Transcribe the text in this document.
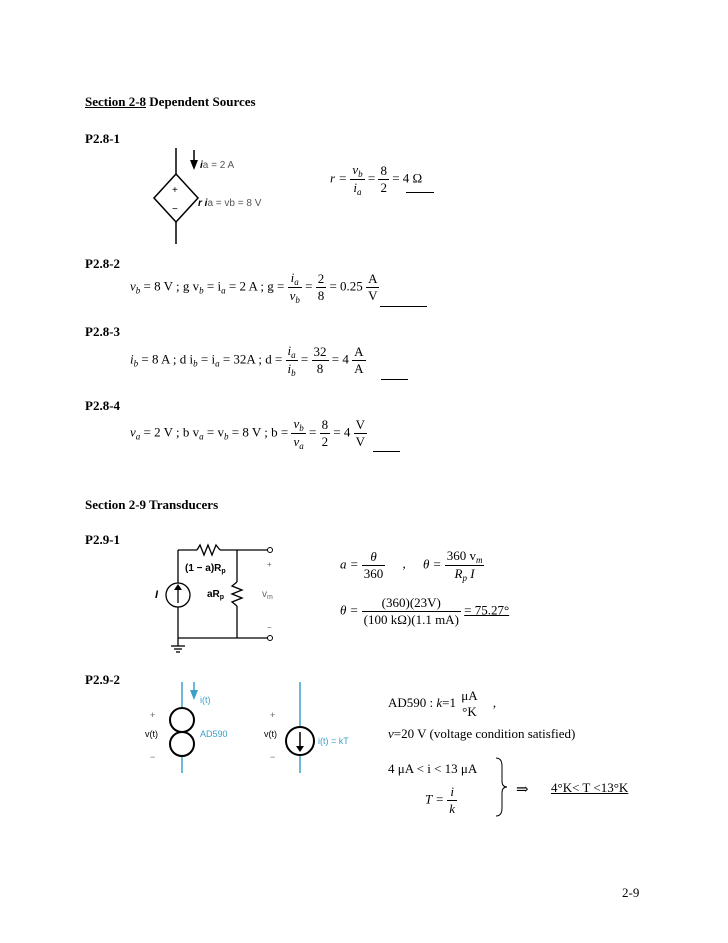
Section 2-8 Dependent Sources
P2.8-1
+
−
ia = 2 A
r ia = vb = 8 V
$r = \frac{v_b}{i_a} = \frac{8}{2} = 4$ Ω
P2.8-2
$v_b = 8$ V ; g $v_b = i_a = 2$ A ; $g = \frac{i_a}{v_b} = \frac{2}{8} = 0.25 \frac{A}{V}$
P2.8-3
$i_b = 8$ A ; d $i_b = i_a = 32A$ ; $d = \frac{i_a}{i_b} = \frac{32}{8} = 4 \frac{A}{A}$
P2.8-4
$v_a = 2$ V ; b $v_a = v_b = 8$ V ; $b = \frac{v_b}{v_a} = \frac{8}{2} = 4 \frac{V}{V}$
Section 2-9 Transducers
P2.9-1
$(1 - a)R_p$
I	$aR_p$	$v_m$
+
−
$a = \frac{\theta}{360}$ , $\theta = \frac{360 v_m}{R_p I}$
$\theta = \frac{(360)(23V)}{(100 k\Omega)(1.1 mA)} = 75.27^\circ$
P2.9-2
i(t)
v(t)	AD590	v(t)
i(t) = kT
+
−
+
−
AD590 : k=1 μA
°K
,
v=20 V (voltage condition satisfied)
4 μA < i < 13 μA
$T = \frac{i}{k}$	⇒ 4°K< T <13°K
2-9
